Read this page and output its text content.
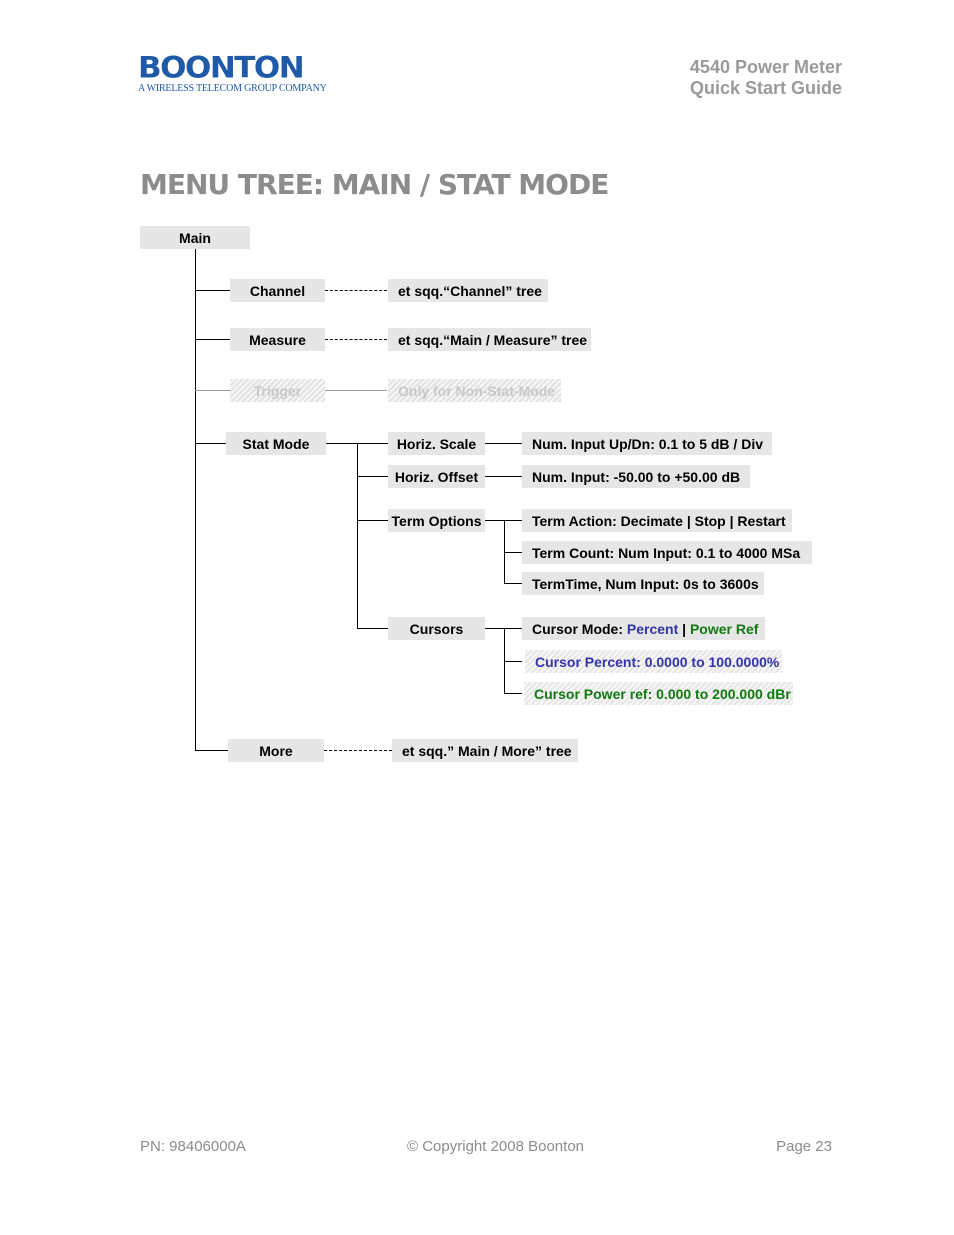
BOONTON
A WIRELESS TELECOM GROUP COMPANY
4540 Power Meter
Quick Start Guide
MENU TREE: MAIN / STAT MODE
Main
Channel	et sqq.“Channel” tree
Measure	et sqq.“Main / Measure” tree
Trigger	Only for Non-Stat-Mode
Stat Mode	Horiz. Scale	Num. Input Up/Dn: 0.1 to 5 dB / Div
Horiz. Offset	Num. Input: -50.00 to +50.00 dB
Term Options	Term Action: Decimate | Stop | Restart
Term Count: Num Input: 0.1 to 4000 MSa
TermTime, Num Input: 0s to 3600s
Cursors	Cursor Mode: Percent | Power Ref
Cursor Percent: 0.0000 to 100.0000%
Cursor Power ref: 0.000 to 200.000 dBr
More	et sqq.” Main / More” tree
PN: 98406000A	© Copyright 2008 Boonton	Page 23
